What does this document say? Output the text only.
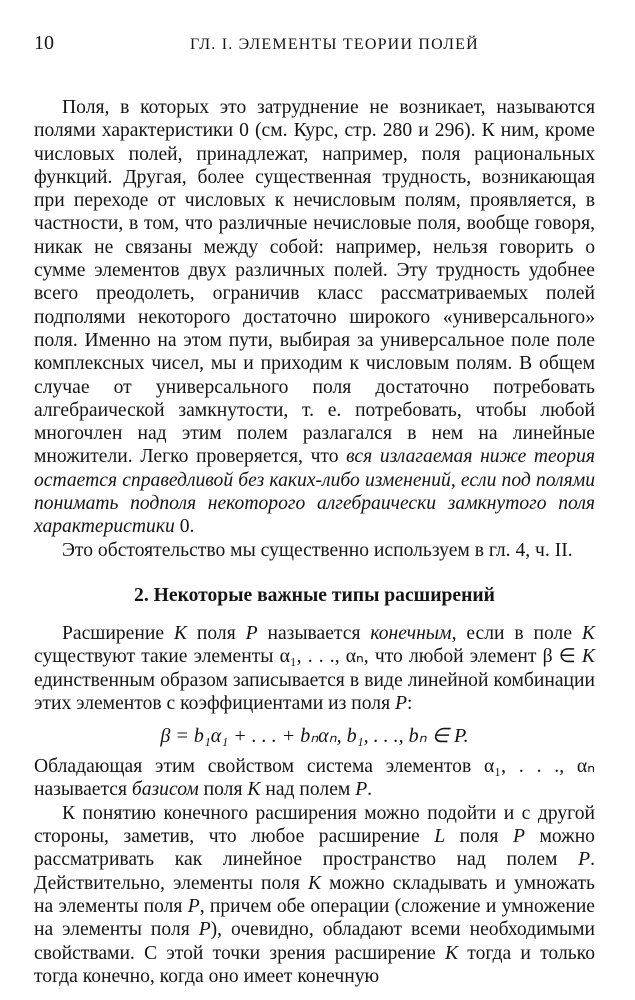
10	ГЛ. I. ЭЛЕМЕНТЫ ТЕОРИИ ПОЛЕЙ

Поля, в которых это затруднение не возникает, называются полями характеристики 0 (см. Курс, стр. 280 и 296). К ним, кроме числовых полей, принадлежат, например, поля рациональных функций. Другая, более существенная трудность, возникающая при переходе от числовых к нечисловым полям, проявляется, в частности, в том, что различные нечисловые поля, вообще говоря, никак не связаны между собой: например, нельзя говорить о сумме элементов двух различных полей. Эту трудность удобнее всего преодолеть, ограничив класс рассматриваемых полей подполями некоторого достаточно широкого «универсального» поля. Именно на этом пути, выбирая за универсальное поле поле комплексных чисел, мы и приходим к числовым полям. В общем случае от универсального поля достаточно потребовать алгебраической замкнутости, т. е. потребовать, чтобы любой многочлен над этим полем разлагался в нем на линейные множители. Легко проверяется, что вся излагаемая ниже теория остается справедливой без каких-либо изменений, если под полями понимать подполя некоторого алгебраически замкнутого поля характеристики 0.

Это обстоятельство мы существенно используем в гл. 4, ч. II.

2. Некоторые важные типы расширений

Расширение K поля P называется конечным, если в поле K существуют такие элементы α₁, . . ., αₙ, что любой элемент β ∈ K единственным образом записывается в виде линейной комбинации этих элементов с коэффициентами из поля P:

β = b₁α₁ + . . . + bₙαₙ, b₁, . . ., bₙ ∈ P.

Обладающая этим свойством система элементов α₁, . . ., αₙ называется базисом поля K над полем P.

К понятию конечного расширения можно подойти и с другой стороны, заметив, что любое расширение L поля P можно рассматривать как линейное пространство над полем P. Действительно, элементы поля K можно складывать и умножать на элементы поля P, причем обе операции (сложение и умножение на элементы поля P), очевидно, обладают всеми необходимыми свойствами. С этой точки зрения расширение K тогда и только тогда конечно, когда оно имеет конечную
